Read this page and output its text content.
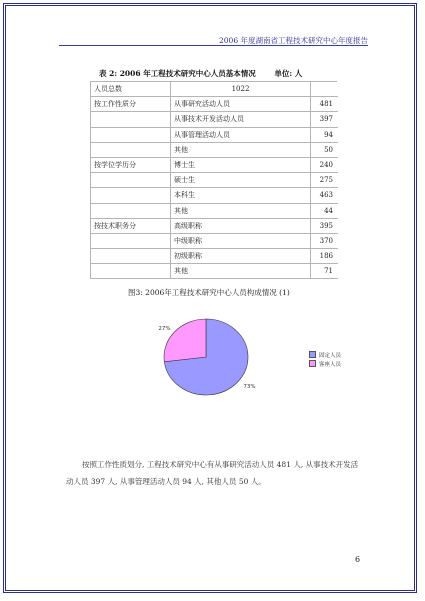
2006 年度湖南省工程技术研究中心年度报告
表 2: 2006 年工程技术研究中心人员基本情况 单位: 人
人员总数	1022	
按工作性质分	从事研究活动人员	481
	从事技术开发活动人员	397
	从事管理活动人员	94
	其他	50
按学位学历分	博士生	240
	硕士生	275
	本科生	463
	其他	44
按技术职务分	高级职称	395
	中级职称	370
	初级职称	186
	其他	71
图3: 2006年工程技术研究中心人员构成情况 (1)
73%
27%
固定人员
客座人员
按照工作性质划分, 工程技术研究中心有从事研究活动人员 481 人, 从事技术开发活动人员 397 人, 从事管理活动人员 94 人, 其他人员 50 人。
6
